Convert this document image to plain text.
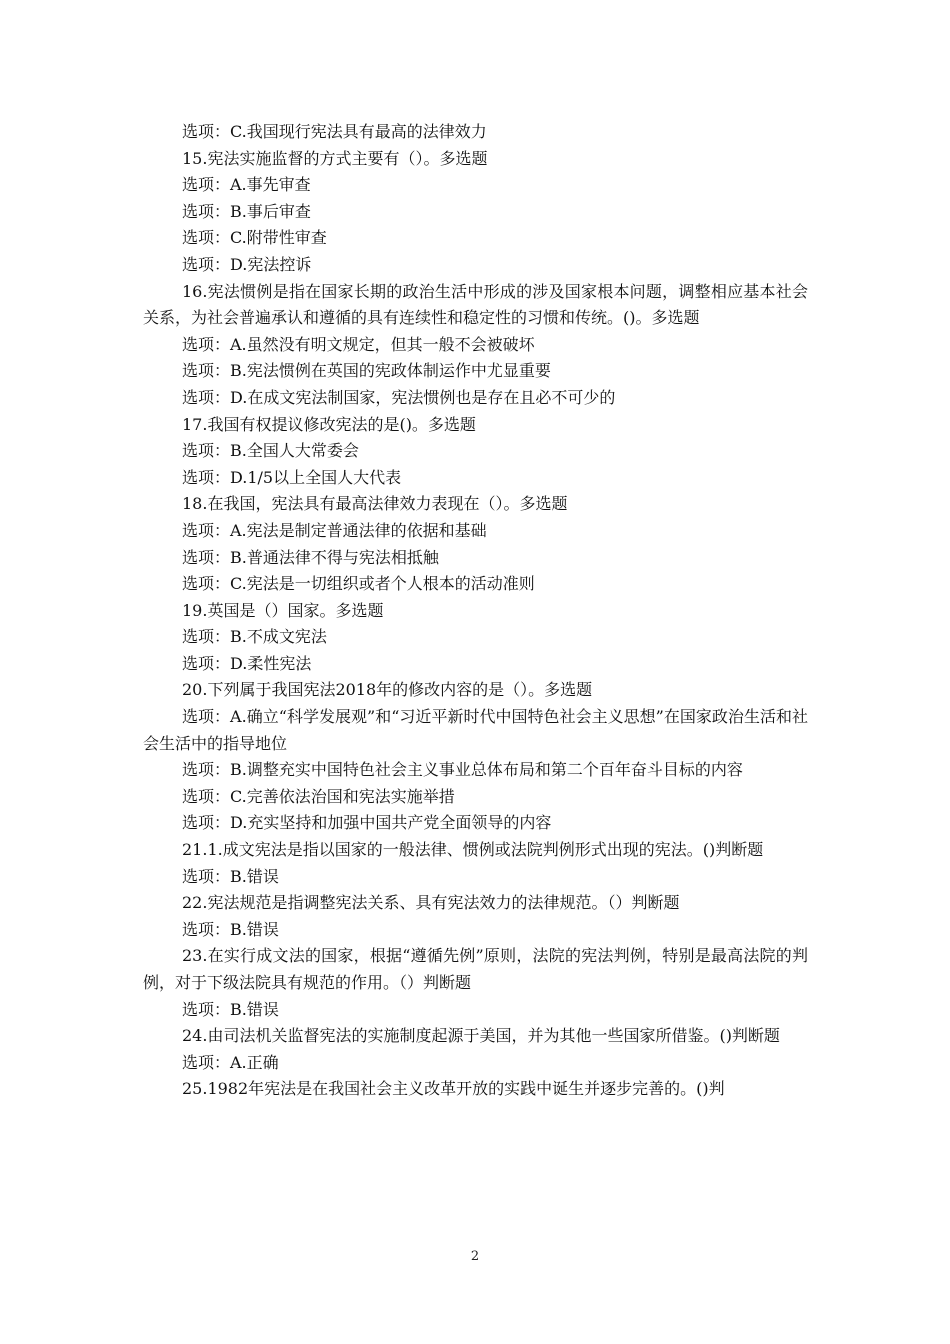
选项：C.我国现行宪法具有最高的法律效力
15.宪法实施监督的方式主要有（）。多选题
选项：A.事先审查
选项：B.事后审查
选项：C.附带性审查
选项：D.宪法控诉
16.宪法惯例是指在国家长期的政治生活中形成的涉及国家根本问题，调整相应基本社会关系，为社会普遍承认和遵循的具有连续性和稳定性的习惯和传统。()。多选题
选项：A.虽然没有明文规定，但其一般不会被破坏
选项：B.宪法惯例在英国的宪政体制运作中尤显重要
选项：D.在成文宪法制国家，宪法惯例也是存在且必不可少的
17.我国有权提议修改宪法的是()。多选题
选项：B.全国人大常委会
选项：D.1/5以上全国人大代表
18.在我国，宪法具有最高法律效力表现在（）。多选题
选项：A.宪法是制定普通法律的依据和基础
选项：B.普通法律不得与宪法相抵触
选项：C.宪法是一切组织或者个人根本的活动准则
19.英国是（）国家。多选题
选项：B.不成文宪法
选项：D.柔性宪法
20.下列属于我国宪法2018年的修改内容的是（）。多选题
选项：A.确立“科学发展观”和“习近平新时代中国特色社会主义思想”在国家政治生活和社会生活中的指导地位
选项：B.调整充实中国特色社会主义事业总体布局和第二个百年奋斗目标的内容
选项：C.完善依法治国和宪法实施举措
选项：D.充实坚持和加强中国共产党全面领导的内容
21.1.成文宪法是指以国家的一般法律、惯例或法院判例形式出现的宪法。()判断题
选项：B.错误
22.宪法规范是指调整宪法关系、具有宪法效力的法律规范。（）判断题
选项：B.错误
23.在实行成文法的国家，根据“遵循先例”原则，法院的宪法判例，特别是最高法院的判例，对于下级法院具有规范的作用。（）判断题
选项：B.错误
24.由司法机关监督宪法的实施制度起源于美国，并为其他一些国家所借鉴。()判断题
选项：A.正确
25.1982年宪法是在我国社会主义改革开放的实践中诞生并逐步完善的。()判
2
